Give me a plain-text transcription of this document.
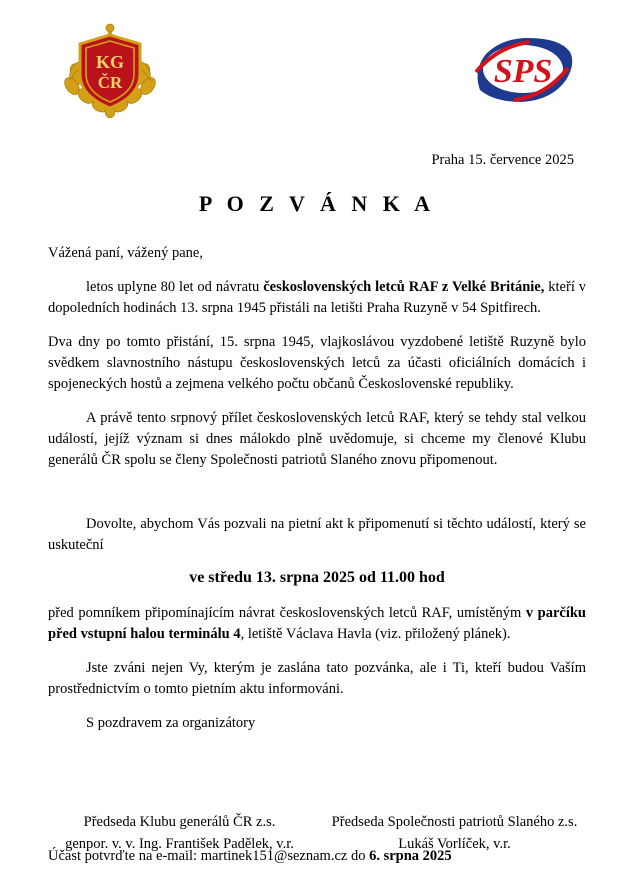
KG
ČR	SPS
Praha 15. července 2025
P O Z V Á N K A

Vážená paní, vážený pane,

letos uplyne 80 let od návratu československých letců RAF z Velké Británie, kteří v dopoledních hodinách 13. srpna 1945 přistáli na letišti Praha Ruzyně v 54 Spitfirech.

Dva dny po tomto přistání, 15. srpna 1945, vlajkoslávou vyzdobené letiště Ruzyně bylo svědkem slavnostního nástupu československých letců za účasti oficiálních domácích i spojeneckých hostů a zejmena velkého počtu občanů Československé republiky.

A právě tento srpnový přílet československých letců RAF, který se tehdy stal velkou událostí, jejíž význam si dnes málokdo plně uvědomuje, si chceme my členové Klubu generálů ČR spolu se členy Společnosti patriotů Slaného znovu připomenout.

Dovolte, abychom Vás pozvali na pietní akt k připomenutí si těchto událostí, který se uskuteční

ve středu 13. srpna 2025 od 11.00 hod

před pomníkem připomínajícím návrat československých letců RAF, umístěným v parčíku před vstupní halou terminálu 4, letiště Václava Havla (viz. přiložený plánek).

Jste zváni nejen Vy, kterým je zaslána tato pozvánka, ale i Ti, kteří budou Vaším prostřednictvím o tomto pietním aktu informováni.

S pozdravem za organizátory

Předseda Klubu generálů ČR z.s.
genpor. v. v. Ing. František Padělek, v.r.
Předseda Společnosti patriotů Slaného z.s.
Lukáš Vorlíček, v.r.
Účast potvrďte na e-mail: martinek151@seznam.cz do 6. srpna 2025
